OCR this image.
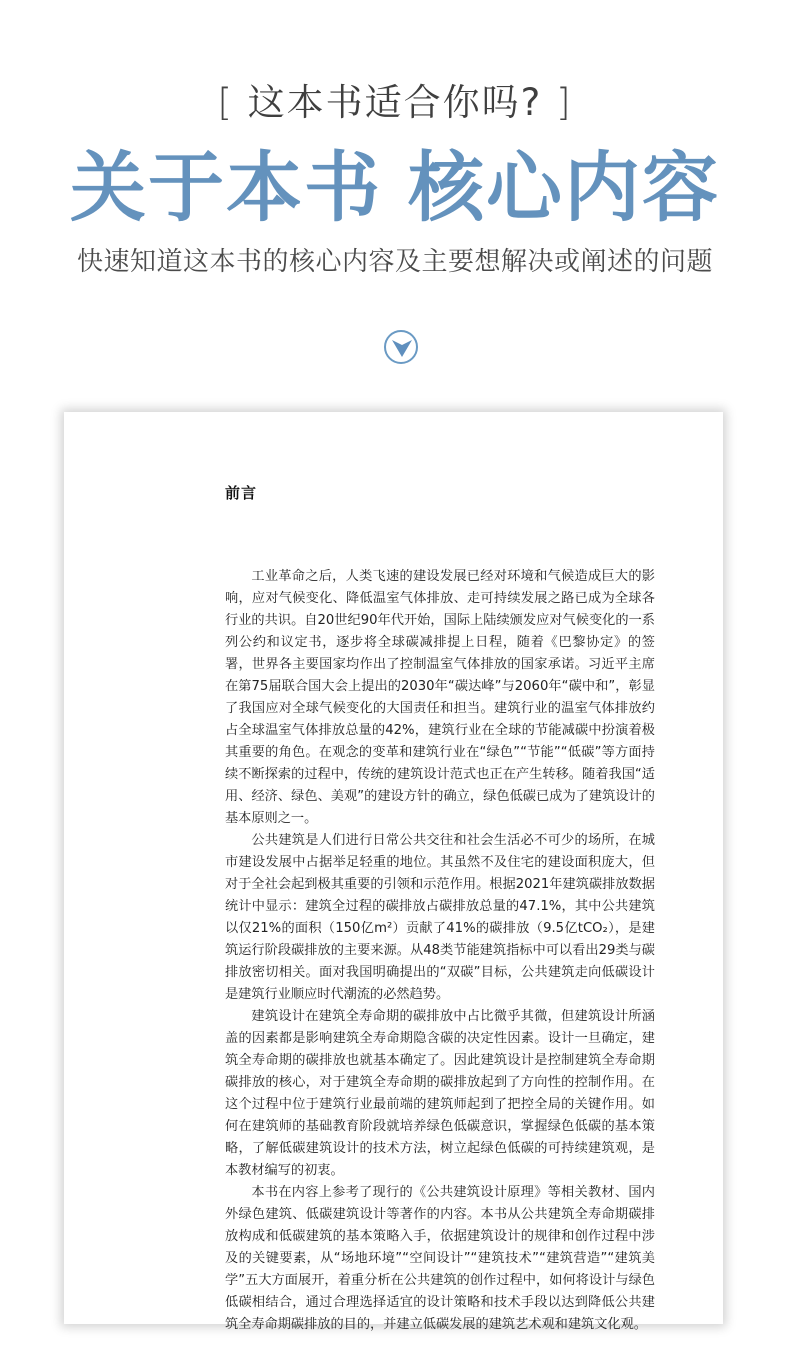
[ 这本书适合你吗? ]
关于本书 核心内容
快速知道这本书的核心内容及主要想解决或阐述的问题
前言

工业革命之后，人类飞速的建设发展已经对环境和气候造成巨大的影响，应对气候变化、降低温室气体排放、走可持续发展之路已成为全球各行业的共识。自20世纪90年代开始，国际上陆续颁发应对气候变化的一系列公约和议定书，逐步将全球碳减排提上日程，随着《巴黎协定》的签署，世界各主要国家均作出了控制温室气体排放的国家承诺。习近平主席在第75届联合国大会上提出的2030年“碳达峰”与2060年“碳中和”，彰显了我国应对全球气候变化的大国责任和担当。建筑行业的温室气体排放约占全球温室气体排放总量的42%，建筑行业在全球的节能减碳中扮演着极其重要的角色。在观念的变革和建筑行业在“绿色”“节能”“低碳”等方面持续不断探索的过程中，传统的建筑设计范式也正在产生转移。随着我国“适用、经济、绿色、美观”的建设方针的确立，绿色低碳已成为了建筑设计的基本原则之一。

公共建筑是人们进行日常公共交往和社会生活必不可少的场所，在城市建设发展中占据举足轻重的地位。其虽然不及住宅的建设面积庞大，但对于全社会起到极其重要的引领和示范作用。根据2021年建筑碳排放数据统计中显示：建筑全过程的碳排放占碳排放总量的47.1%，其中公共建筑以仅21%的面积（150亿m²）贡献了41%的碳排放（9.5亿tCO₂），是建筑运行阶段碳排放的主要来源。从48类节能建筑指标中可以看出29类与碳排放密切相关。面对我国明确提出的“双碳”目标，公共建筑走向低碳设计是建筑行业顺应时代潮流的必然趋势。

建筑设计在建筑全寿命期的碳排放中占比微乎其微，但建筑设计所涵盖的因素都是影响建筑全寿命期隐含碳的决定性因素。设计一旦确定，建筑全寿命期的碳排放也就基本确定了。因此建筑设计是控制建筑全寿命期碳排放的核心，对于建筑全寿命期的碳排放起到了方向性的控制作用。在这个过程中位于建筑行业最前端的建筑师起到了把控全局的关键作用。如何在建筑师的基础教育阶段就培养绿色低碳意识，掌握绿色低碳的基本策略，了解低碳建筑设计的技术方法，树立起绿色低碳的可持续建筑观，是本教材编写的初衷。

本书在内容上参考了现行的《公共建筑设计原理》等相关教材、国内外绿色建筑、低碳建筑设计等著作的内容。本书从公共建筑全寿命期碳排放构成和低碳建筑的基本策略入手，依据建筑设计的规律和创作过程中涉及的关键要素，从“场地环境”“空间设计”“建筑技术”“建筑营造”“建筑美学”五大方面展开，着重分析在公共建筑的创作过程中，如何将设计与绿色低碳相结合，通过合理选择适宜的设计策略和技术手段以达到降低公共建筑全寿命期碳排放的目的，并建立低碳发展的建筑艺术观和建筑文化观。
